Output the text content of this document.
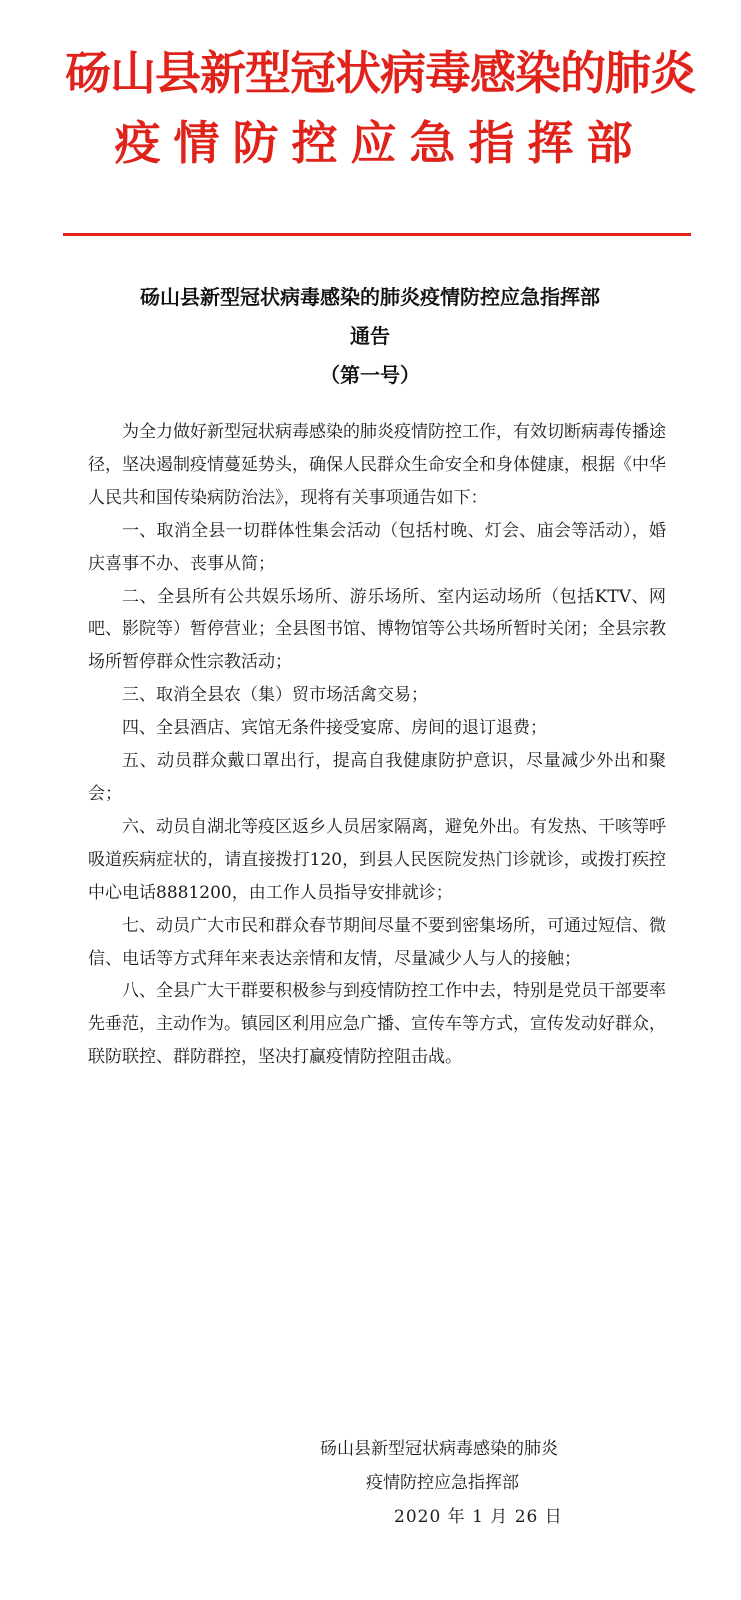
砀山县新型冠状病毒感染的肺炎
疫情防控应急指挥部
砀山县新型冠状病毒感染的肺炎疫情防控应急指挥部
通告
（第一号）

为全力做好新型冠状病毒感染的肺炎疫情防控工作，有效切断病毒传播途径，坚决遏制疫情蔓延势头，确保人民群众生命安全和身体健康，根据《中华人民共和国传染病防治法》，现将有关事项通告如下：

一、取消全县一切群体性集会活动（包括村晚、灯会、庙会等活动），婚庆喜事不办、丧事从简；

二、全县所有公共娱乐场所、游乐场所、室内运动场所（包括KTV、网吧、影院等）暂停营业；全县图书馆、博物馆等公共场所暂时关闭；全县宗教场所暂停群众性宗教活动；

三、取消全县农（集）贸市场活禽交易；

四、全县酒店、宾馆无条件接受宴席、房间的退订退费；

五、动员群众戴口罩出行，提高自我健康防护意识，尽量减少外出和聚会；

六、动员自湖北等疫区返乡人员居家隔离，避免外出。有发热、干咳等呼吸道疾病症状的，请直接拨打120，到县人民医院发热门诊就诊，或拨打疾控中心电话8881200，由工作人员指导安排就诊；

七、动员广大市民和群众春节期间尽量不要到密集场所，可通过短信、微信、电话等方式拜年来表达亲情和友情，尽量减少人与人的接触；

八、全县广大干群要积极参与到疫情防控工作中去，特别是党员干部要率先垂范，主动作为。镇园区利用应急广播、宣传车等方式，宣传发动好群众，联防联控、群防群控，坚决打赢疫情防控阻击战。

砀山县新型冠状病毒感染的肺炎
疫情防控应急指挥部
2020 年 1 月 26 日
